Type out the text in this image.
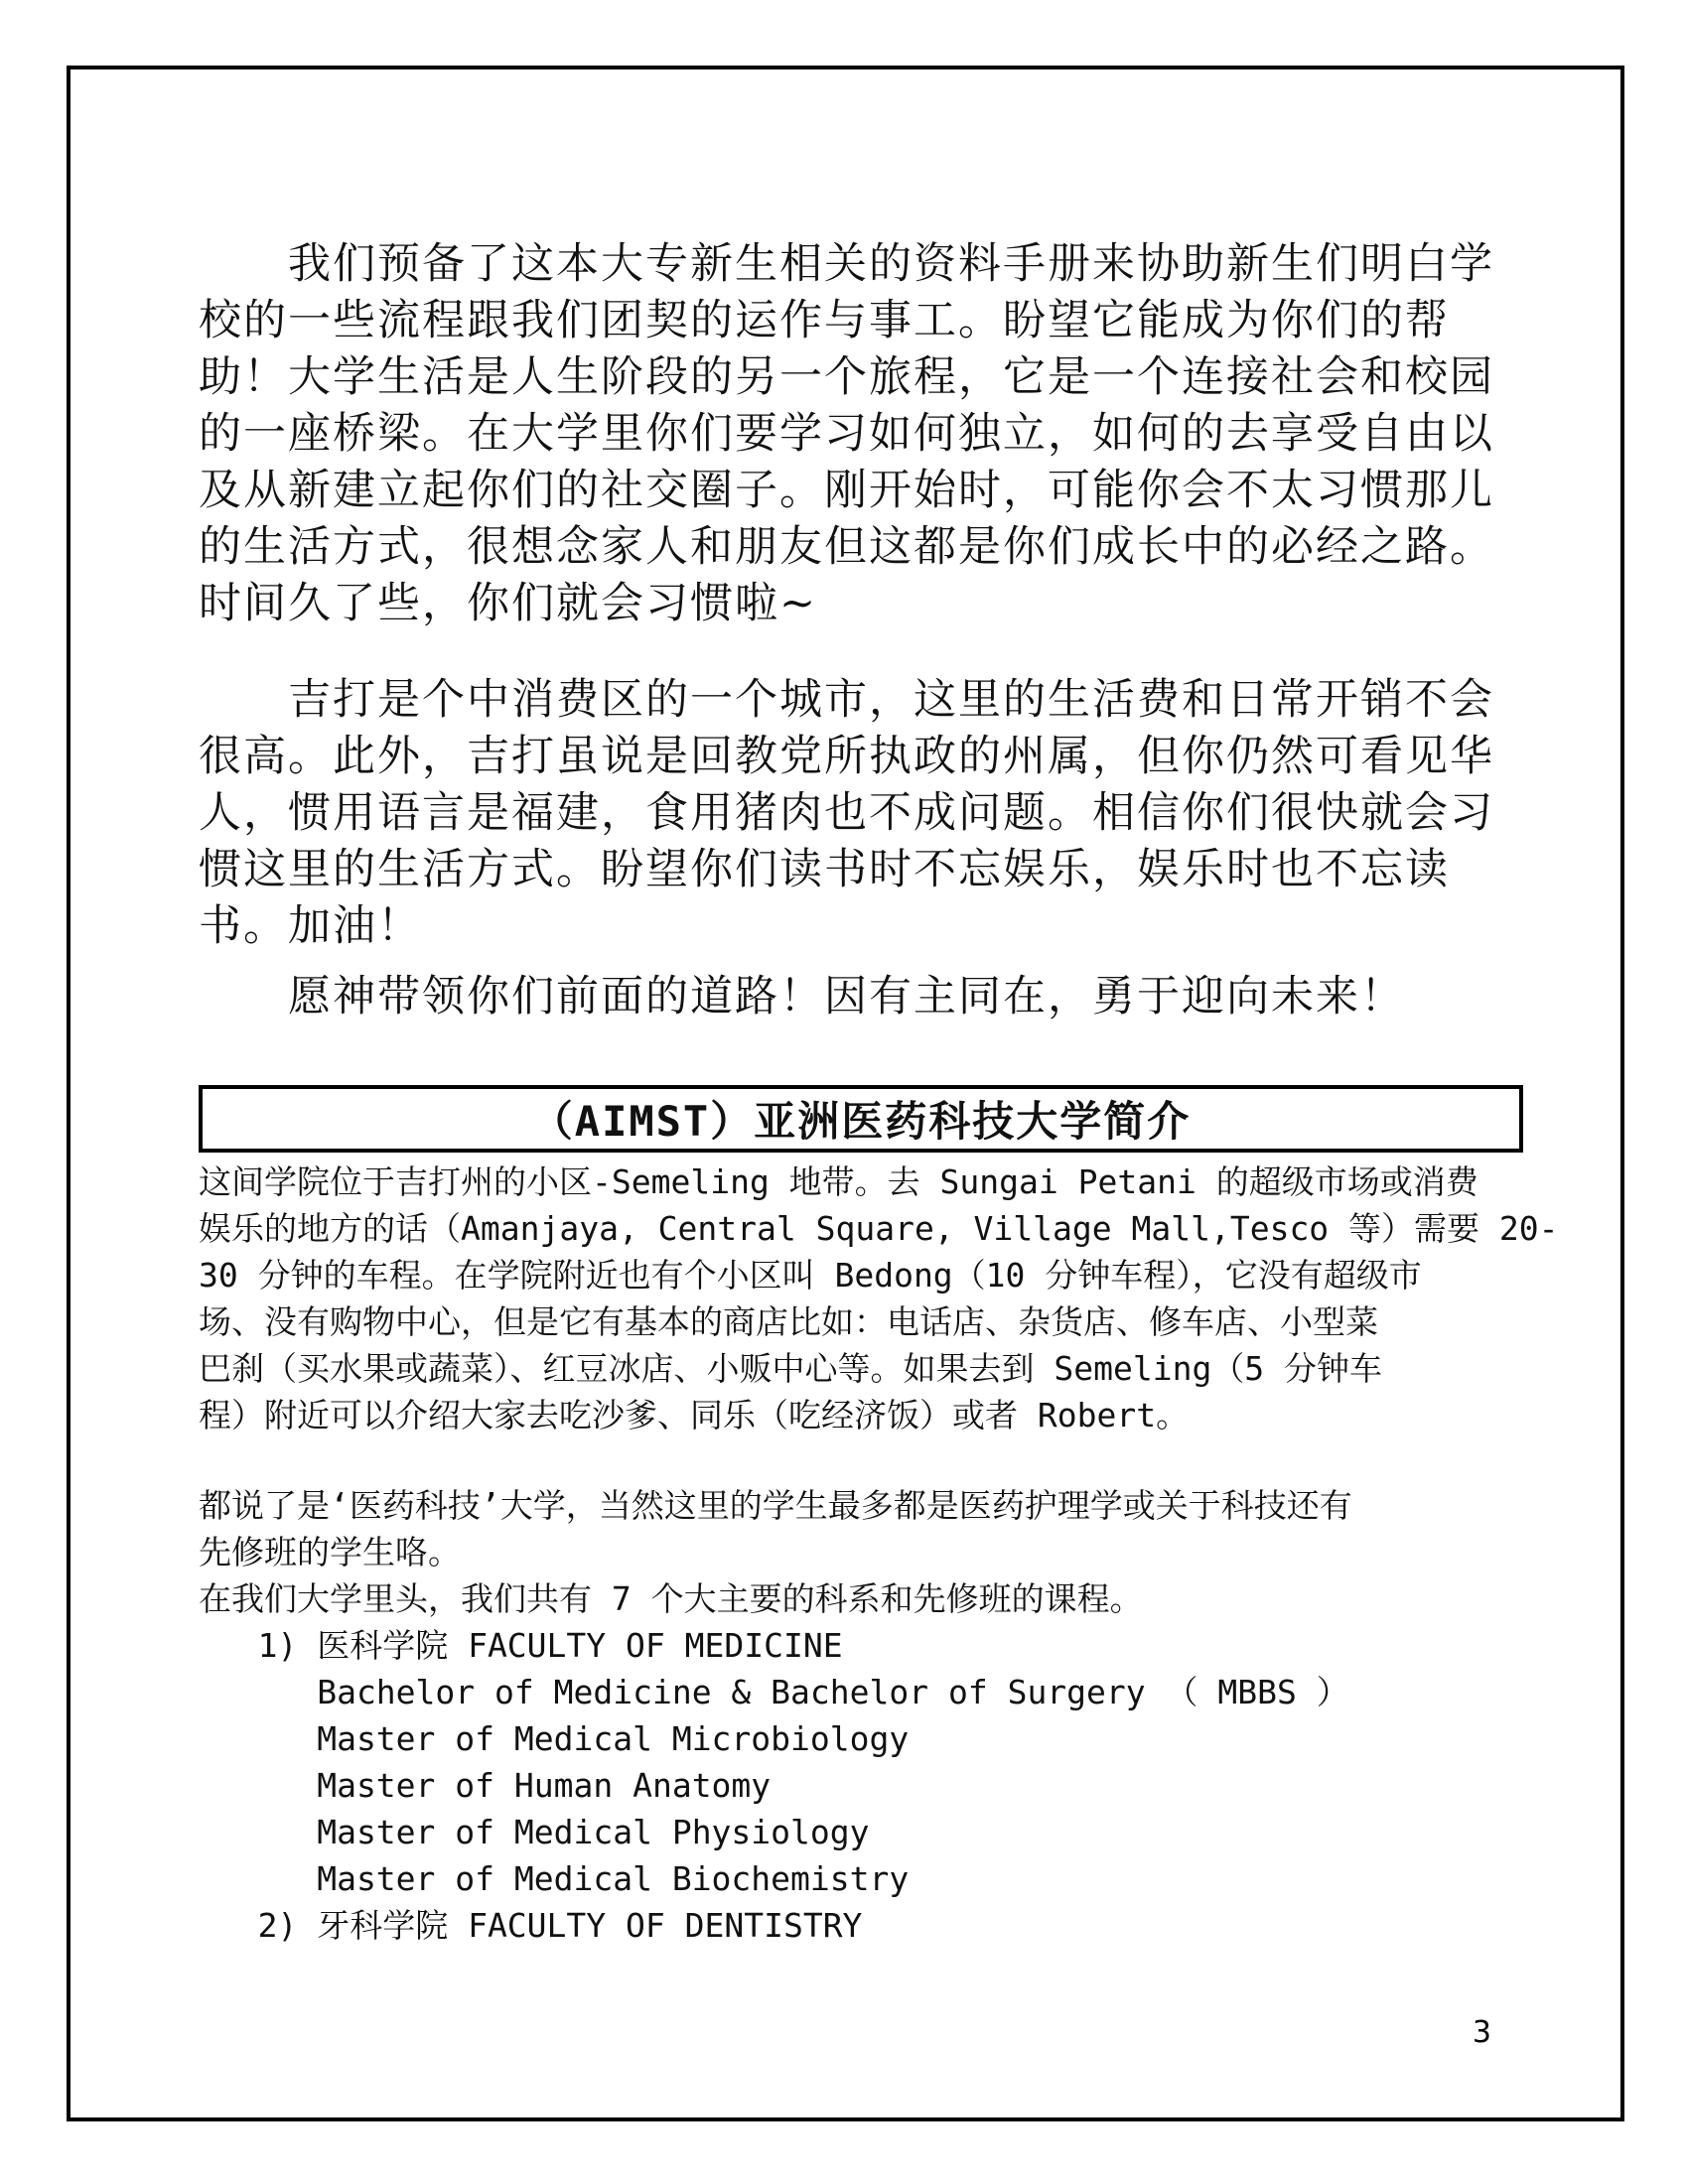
　　我们预备了这本大专新生相关的资料手册来协助新生们明白学
校的一些流程跟我们团契的运作与事工。盼望它能成为你们的帮
助！大学生活是人生阶段的另一个旅程，它是一个连接社会和校园
的一座桥梁。在大学里你们要学习如何独立，如何的去享受自由以
及从新建立起你们的社交圈子。刚开始时，可能你会不太习惯那儿
的生活方式，很想念家人和朋友但这都是你们成长中的必经之路。
时间久了些，你们就会习惯啦~
　　吉打是个中消费区的一个城市，这里的生活费和日常开销不会
很高。此外，吉打虽说是回教党所执政的州属，但你仍然可看见华
人，惯用语言是福建，食用猪肉也不成问题。相信你们很快就会习
惯这里的生活方式。盼望你们读书时不忘娱乐，娱乐时也不忘读
书。加油！
　　愿神带领你们前面的道路！因有主同在，勇于迎向未来！
（AIMST）亚洲医药科技大学简介
这间学院位于吉打州的小区-Semeling 地带。去 Sungai Petani 的超级市场或消费
娱乐的地方的话（Amanjaya, Central Square, Village Mall,Tesco 等）需要 20-
30 分钟的车程。在学院附近也有个小区叫 Bedong（10 分钟车程），它没有超级市
场、没有购物中心，但是它有基本的商店比如：电话店、杂货店、修车店、小型菜
巴刹（买水果或蔬菜）、红豆冰店、小贩中心等。如果去到 Semeling（5 分钟车
程）附近可以介绍大家去吃沙爹、同乐（吃经济饭）或者 Robert。
都说了是‘医药科技’大学，当然这里的学生最多都是医药护理学或关于科技还有
先修班的学生咯。
在我们大学里头，我们共有 7 个大主要的科系和先修班的课程。
1) 医科学院 FACULTY OF MEDICINE
Bachelor of Medicine & Bachelor of Surgery （ MBBS ）
Master of Medical Microbiology
Master of Human Anatomy
Master of Medical Physiology
Master of Medical Biochemistry
2) 牙科学院 FACULTY OF DENTISTRY
3
